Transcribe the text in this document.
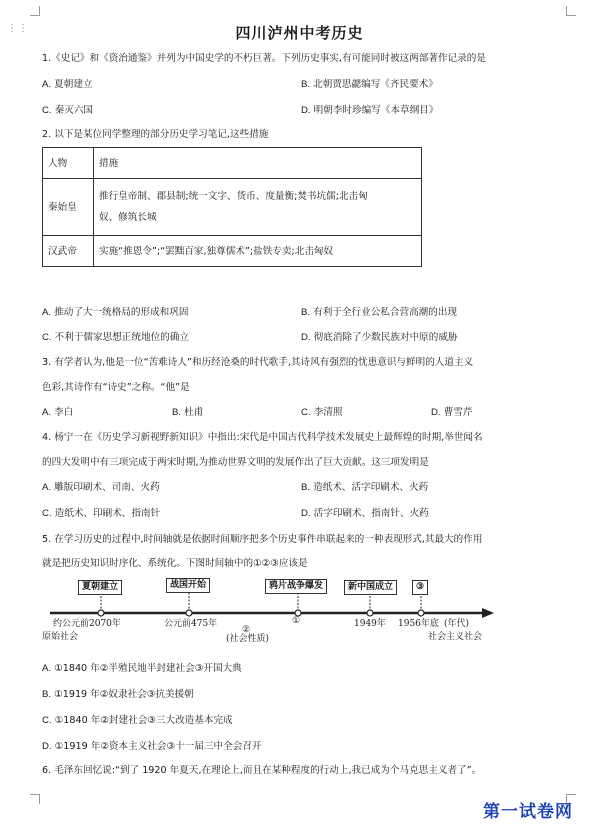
⋮⋮	四川泸州中考历史
1.《史记》和《资治通鉴》并列为中国史学的不朽巨著。下列历史事实,有可能同时被这两部著作记录的是
A. 夏朝建立	B. 北朝贾思勰编写《齐民要术》
C. 秦灭六国	D. 明朝李时珍编写《本草纲目》
2. 以下是某位同学整理的部分历史学习笔记,这些措施
人物	措施
秦始皇	推行皇帝制、郡县制;统一文字、货币、度量衡;焚书坑儒;北击匈
奴、修筑长城
汉武帝	实施“推恩令”;“罢黜百家,独尊儒术”;盐铁专卖;北击匈奴
A. 推动了大一统格局的形成和巩固	B. 有利于全行业公私合营高潮的出现
C. 不利于儒家思想正统地位的确立	D. 彻底消除了少数民族对中原的威胁
3. 有学者认为,他是一位“苦难诗人”和历经沧桑的时代歌手,其诗风有强烈的忧患意识与鲜明的人道主义
色彩,其诗作有“诗史”之称。“他”是
A. 李白	B. 杜甫	C. 李清照	D. 曹雪芹
4. 杨宁一在《历史学习新视野新知识》中指出:宋代是中国古代科学技术发展史上最辉煌的时期,举世闻名
的四大发明中有三项完成于两宋时期,为推动世界文明的发展作出了巨大贡献。这三项发明是
A. 雕版印刷术、司南、火药	B. 造纸术、活字印刷术、火药
C. 造纸术、印刷术、指南针	D. 活字印刷术、指南针、火药
5. 在学习历史的过程中,时间轴就是依据时间顺序把多个历史事件串联起来的一种表现形式,其最大的作用
就是把历史知识时序化、系统化。下图时间轴中的①②③应该是
夏朝建立	战国开始	鸦片战争爆发	新中国成立	③
约公元前2070年	公元前475年	1949年 1956年底 (年代)
②
①
(社会性质)
原始社会	社会主义社会
A. ①1840 年②半殖民地半封建社会③开国大典
B. ①1919 年②奴隶社会③抗美援朝
C. ①1840 年②封建社会③三大改造基本完成
D. ①1919 年②资本主义社会③十一届三中全会召开
6. 毛泽东回忆说:“到了 1920 年夏天,在理论上,而且在某种程度的行动上,我已成为个马克思主义者了”。
第一试卷网
